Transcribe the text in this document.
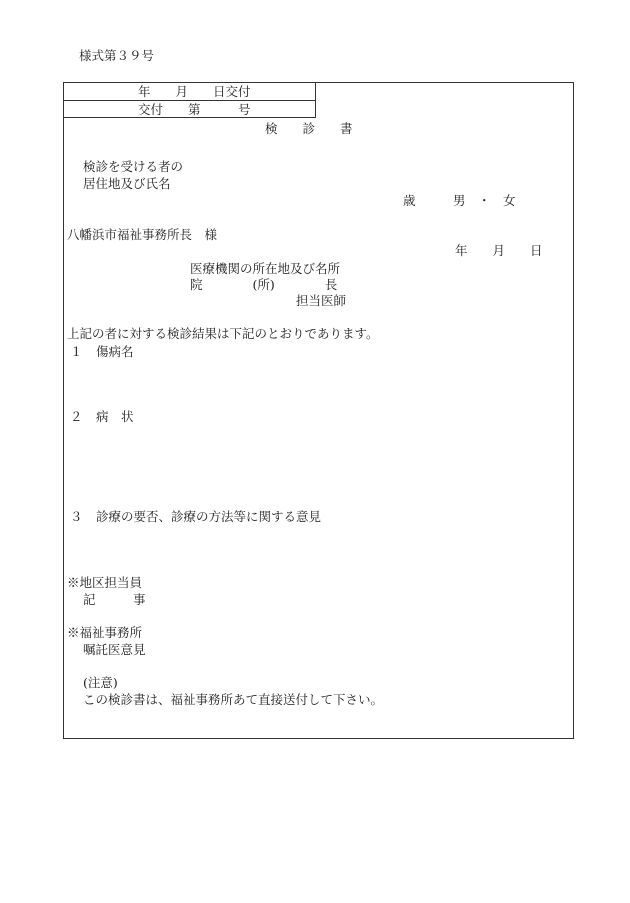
様式第３９号
年　　月　　日交付
交付　　第　　　号
検　　診　　書
検診を受ける者の
居住地及び氏名
歳　　　男　・　女
八幡浜市福祉事務所長　様
年　　月　　日
医療機関の所在地及び名所
院　　　　(所)　　　　長
担当医師
上記の者に対する検診結果は下記のとおりであります。
１ 傷病名
２ 病　状
３ 診療の要否、診療の方法等に関する意見
※地区担当員
記　　　事
※福祉事務所
嘱託医意見
(注意)
この検診書は、福祉事務所あて直接送付して下さい。
